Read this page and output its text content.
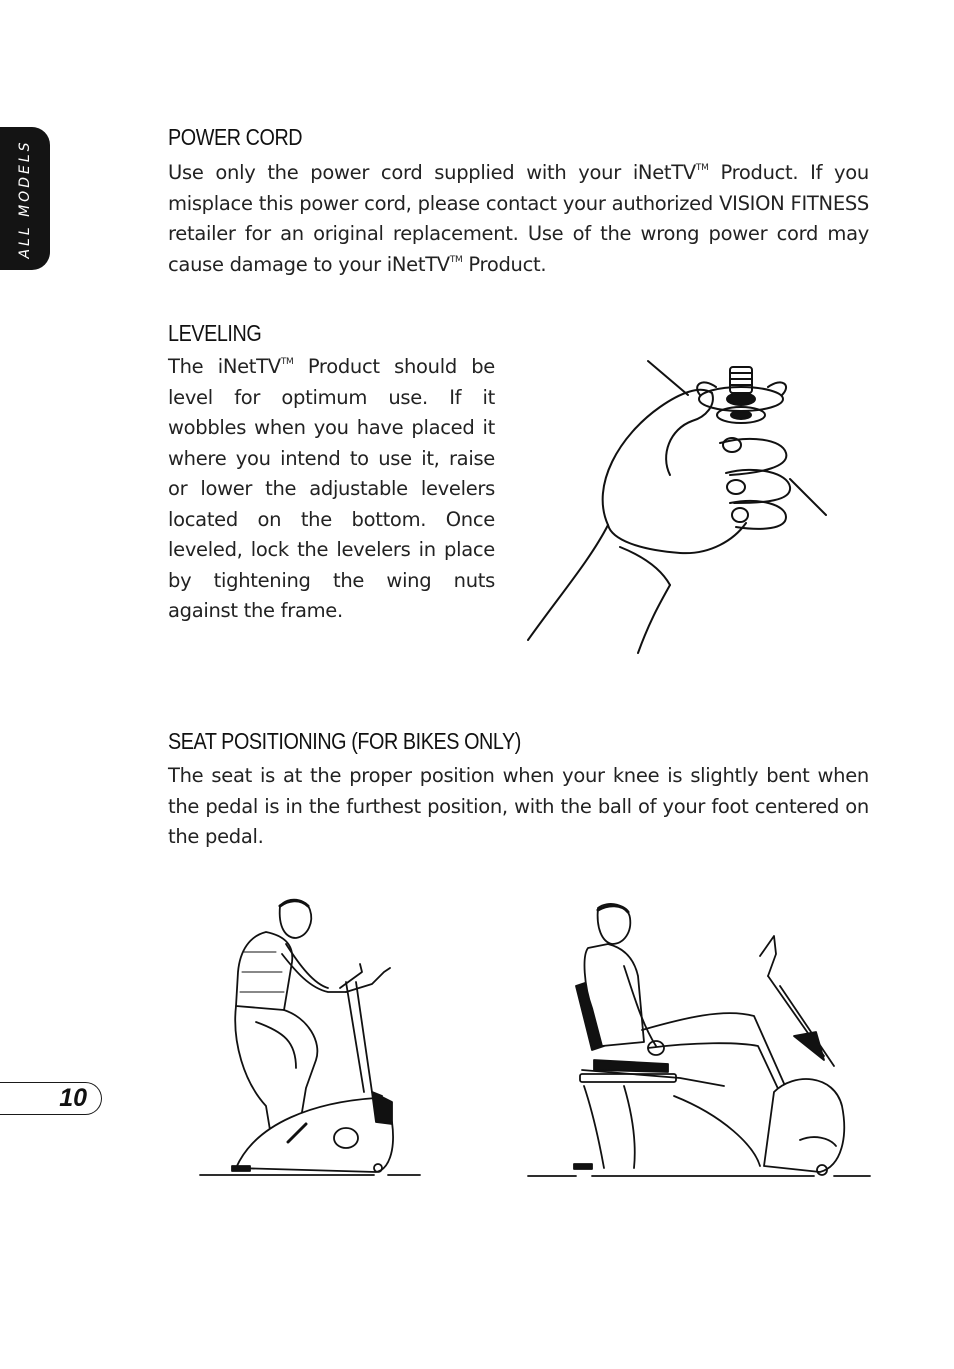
ALL MODELS
POWER CORD

Use only the power cord supplied with your iNetTV™ Product. If you misplace this power cord, please contact your authorized VISION FITNESS retailer for an original replacement. Use of the wrong power cord may cause damage to your iNetTV™ Product.

LEVELING

The iNetTV™ Product should be level for optimum use. If it wobbles when you have placed it where you intend to use it, raise or lower the adjustable levelers located on the bottom. Once leveled, lock the levelers in place by tightening the wing nuts against the frame.

SEAT POSITIONING (FOR BIKES ONLY)

The seat is at the proper position when your knee is slightly bent when the pedal is in the furthest position, with the ball of your foot centered on the pedal.

10
